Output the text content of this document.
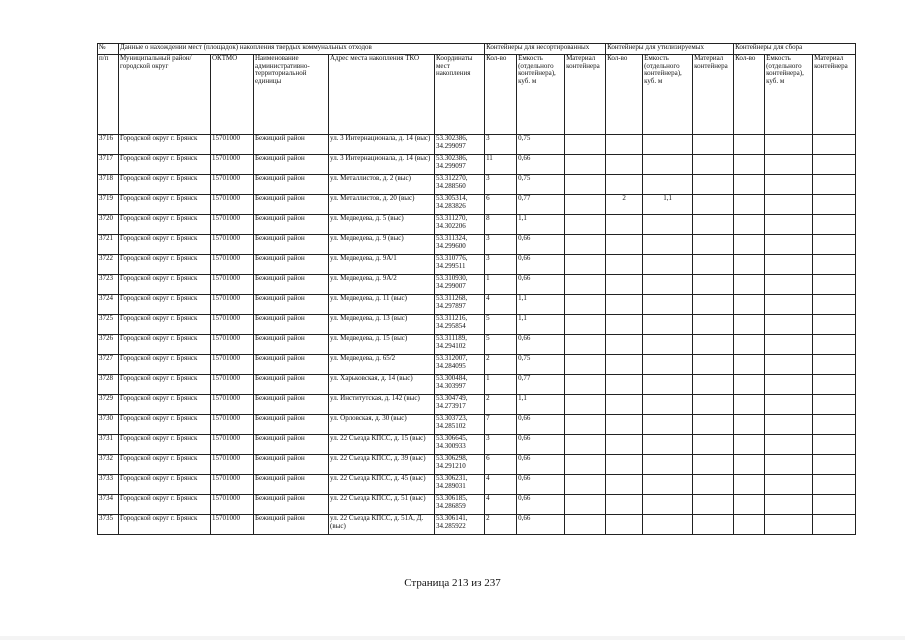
№	Данные о нахождении мест (площадок) накопления твердых коммунальных отходов					Контейнеры для несортированных			Контейнеры для утилизируемых			Контейнеры для сбора		
п/п	Муниципальный район/городской округ	ОКТМО	Наименование административно-территориальной единицы	Адрес места накопления ТКО	Координаты мест накопления	Кол-во	Емкость (отдельного контейнера), куб. м	Материал контейнера	Кол-во	Емкость (отдельного контейнера), куб. м	Материал контейнера	Кол-во	Емкость (отдельного контейнера), куб. м	Материал контейнера
3716	Городской округ г. Брянск	15701000	Бежицкий район	ул. 3 Интернационала, д. 14 (выс)	53.302386, 34.299097	3	0,75							
3717	Городской округ г. Брянск	15701000	Бежицкий район	ул. 3 Интернационала, д. 14 (выс)	53.302386, 34.299097	11	0,66							
3718	Городской округ г. Брянск	15701000	Бежицкий район	ул. Металлистов, д. 2 (выс)	53.312270, 34.288560	3	0,75							
3719	Городской округ г. Брянск	15701000	Бежицкий район	ул. Металлистов, д. 20 (выс)	53.305314, 34.283826	6	0,77		2	1,1				
3720	Городской округ г. Брянск	15701000	Бежицкий район	ул. Медведева, д. 5 (выс)	53.311270, 34.302206	8	1,1							
3721	Городской округ г. Брянск	15701000	Бежицкий район	ул. Медведева, д. 9 (выс)	53.311324, 34.299600	3	0,66							
3722	Городской округ г. Брянск	15701000	Бежицкий район	ул. Медведева, д. 9А/1	53.310776, 34.299511	3	0,66							
3723	Городской округ г. Брянск	15701000	Бежицкий район	ул. Медведева, д. 9А/2	53.310930, 34.299007	1	0,66							
3724	Городской округ г. Брянск	15701000	Бежицкий район	ул. Медведева, д. 11 (выс)	53.311268, 34.297897	4	1,1							
3725	Городской округ г. Брянск	15701000	Бежицкий район	ул. Медведева, д. 13 (выс)	53.311216, 34.295854	5	1,1							
3726	Городской округ г. Брянск	15701000	Бежицкий район	ул. Медведева, д. 15 (выс)	53.311189, 34.294102	5	0,66							
3727	Городской округ г. Брянск	15701000	Бежицкий район	ул. Медведева, д. 65/2	53.312007, 34.284095	2	0,75							
3728	Городской округ г. Брянск	15701000	Бежицкий район	ул. Харьковская, д. 14 (выс)	53.300484, 34.303997	1	0,77							
3729	Городской округ г. Брянск	15701000	Бежицкий район	ул. Институтская, д. 142 (выс)	53.304749, 34.273917	2	1,1							
3730	Городской округ г. Брянск	15701000	Бежицкий район	ул. Орловская, д. 30 (выс)	53.303723, 34.285102	7	0,66							
3731	Городской округ г. Брянск	15701000	Бежицкий район	ул. 22 Съезда КПСС, д. 15 (выс)	53.306645, 34.300933	3	0,66							
3732	Городской округ г. Брянск	15701000	Бежицкий район	ул. 22 Съезда КПСС, д. 39 (выс)	53.306298, 34.291210	6	0,66							
3733	Городской округ г. Брянск	15701000	Бежицкий район	ул. 22 Съезда КПСС, д. 45 (выс)	53.306231, 34.289031	4	0,66							
3734	Городской округ г. Брянск	15701000	Бежицкий район	ул. 22 Съезда КПСС, д. 51 (выс)	53.306185, 34.286859	4	0,66							
3735	Городской округ г. Брянск	15701000	Бежицкий район	ул. 22 Съезда КПСС, д. 51А, Д. (выс)	53.306141, 34.285922	2	0,66							
Страница 213 из 237
